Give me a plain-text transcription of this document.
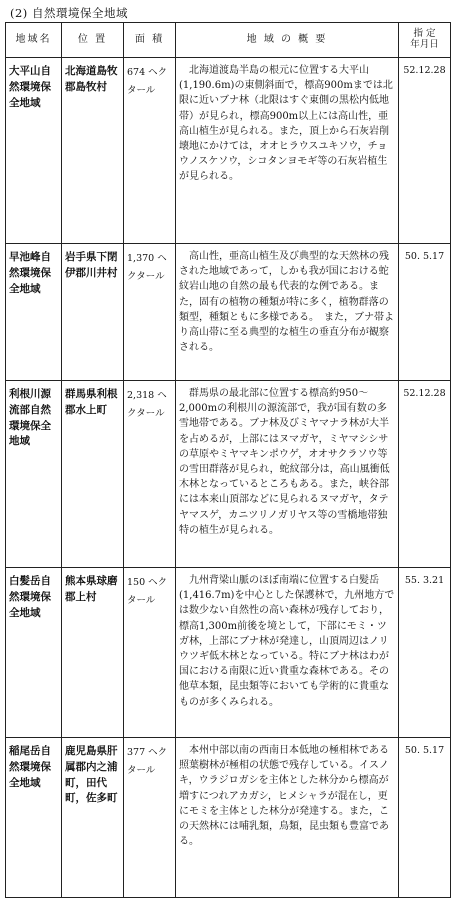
(2) 自然環境保全地域
地域名	位 置	面 積	地 域 の 概 要	指 定
年月日
大平山自然環境保全地域	北海道島牧郡島牧村	674 ヘクタール	北海道渡島半島の根元に位置する大平山(1,190.6m)の東側斜面で，標高900mまでは北限に近いブナ林（北限はすぐ東側の黒松内低地帯）が見られ，標高900m以上には高山性，亜高山植生が見られる。また，頂上から石灰岩削壊地にかけては，オオヒラウスユキソウ，チョウノスケソウ，シコタンヨモギ等の石灰岩植生が見られる。	52.12.28
早池峰自然環境保全地域	岩手県下閉伊郡川井村	1,370 ヘクタール	高山性，亜高山植生及び典型的な天然林の残された地域であって，しかも我が国における蛇紋岩山地の自然の最も代表的な例である。また，固有の植物の種類が特に多く，植物群落の類型，種類ともに多様である。　また，ブナ帯より高山帯に至る典型的な植生の垂直分布が観察される。	50. 5.17
利根川源流部自然環境保全地域	群馬県利根郡水上町	2,318 ヘクタール	群馬県の最北部に位置する標高約950〜2,000mの利根川の源流部で，我が国有数の多雪地帯である。ブナ林及びミヤマナラ林が大半を占めるが，上部にはヌマガヤ，ミヤマシシサの草原やミヤマキンポウゲ，オオサクラソウ等の雪田群落が見られ，蛇紋部分は，高山風衝低木林となっているところもある。また，峡谷部には本来山頂部などに見られるヌマガヤ，タテヤマスゲ，カニツリノガリヤス等の雪橋地帯独特の植生が見られる。	52.12.28
白髪岳自然環境保全地域	熊本県球磨郡上村	150 ヘクタール	九州背梁山脈のほぼ南端に位置する白髪岳(1,416.7m)を中心とした保護林で，九州地方では数少ない自然性の高い森林が残存しており，標高1,300m前後を境として，下部にモミ・ツガ林，上部にブナ林が発達し，山頂周辺はノリウツギ低木林となっている。特にブナ林はわが国における南限に近い貴重な森林である。その他草本類，昆虫類等においても学術的に貴重なものが多くみられる。	55. 3.21
稲尾岳自然環境保全地域	鹿児島県肝属郡内之浦町，田代町，佐多町	377 ヘクタール	本州中部以南の西南日本低地の極相林である照葉樹林が極相の状態で残存している。イスノキ，ウラジロガシを主体とした林分から標高が増すにつれアカガシ，ヒメシャラが混在し，更にモミを主体とした林分が発達する。また，この天然林には哺乳類，鳥類，昆虫類も豊富である。	50. 5.17
